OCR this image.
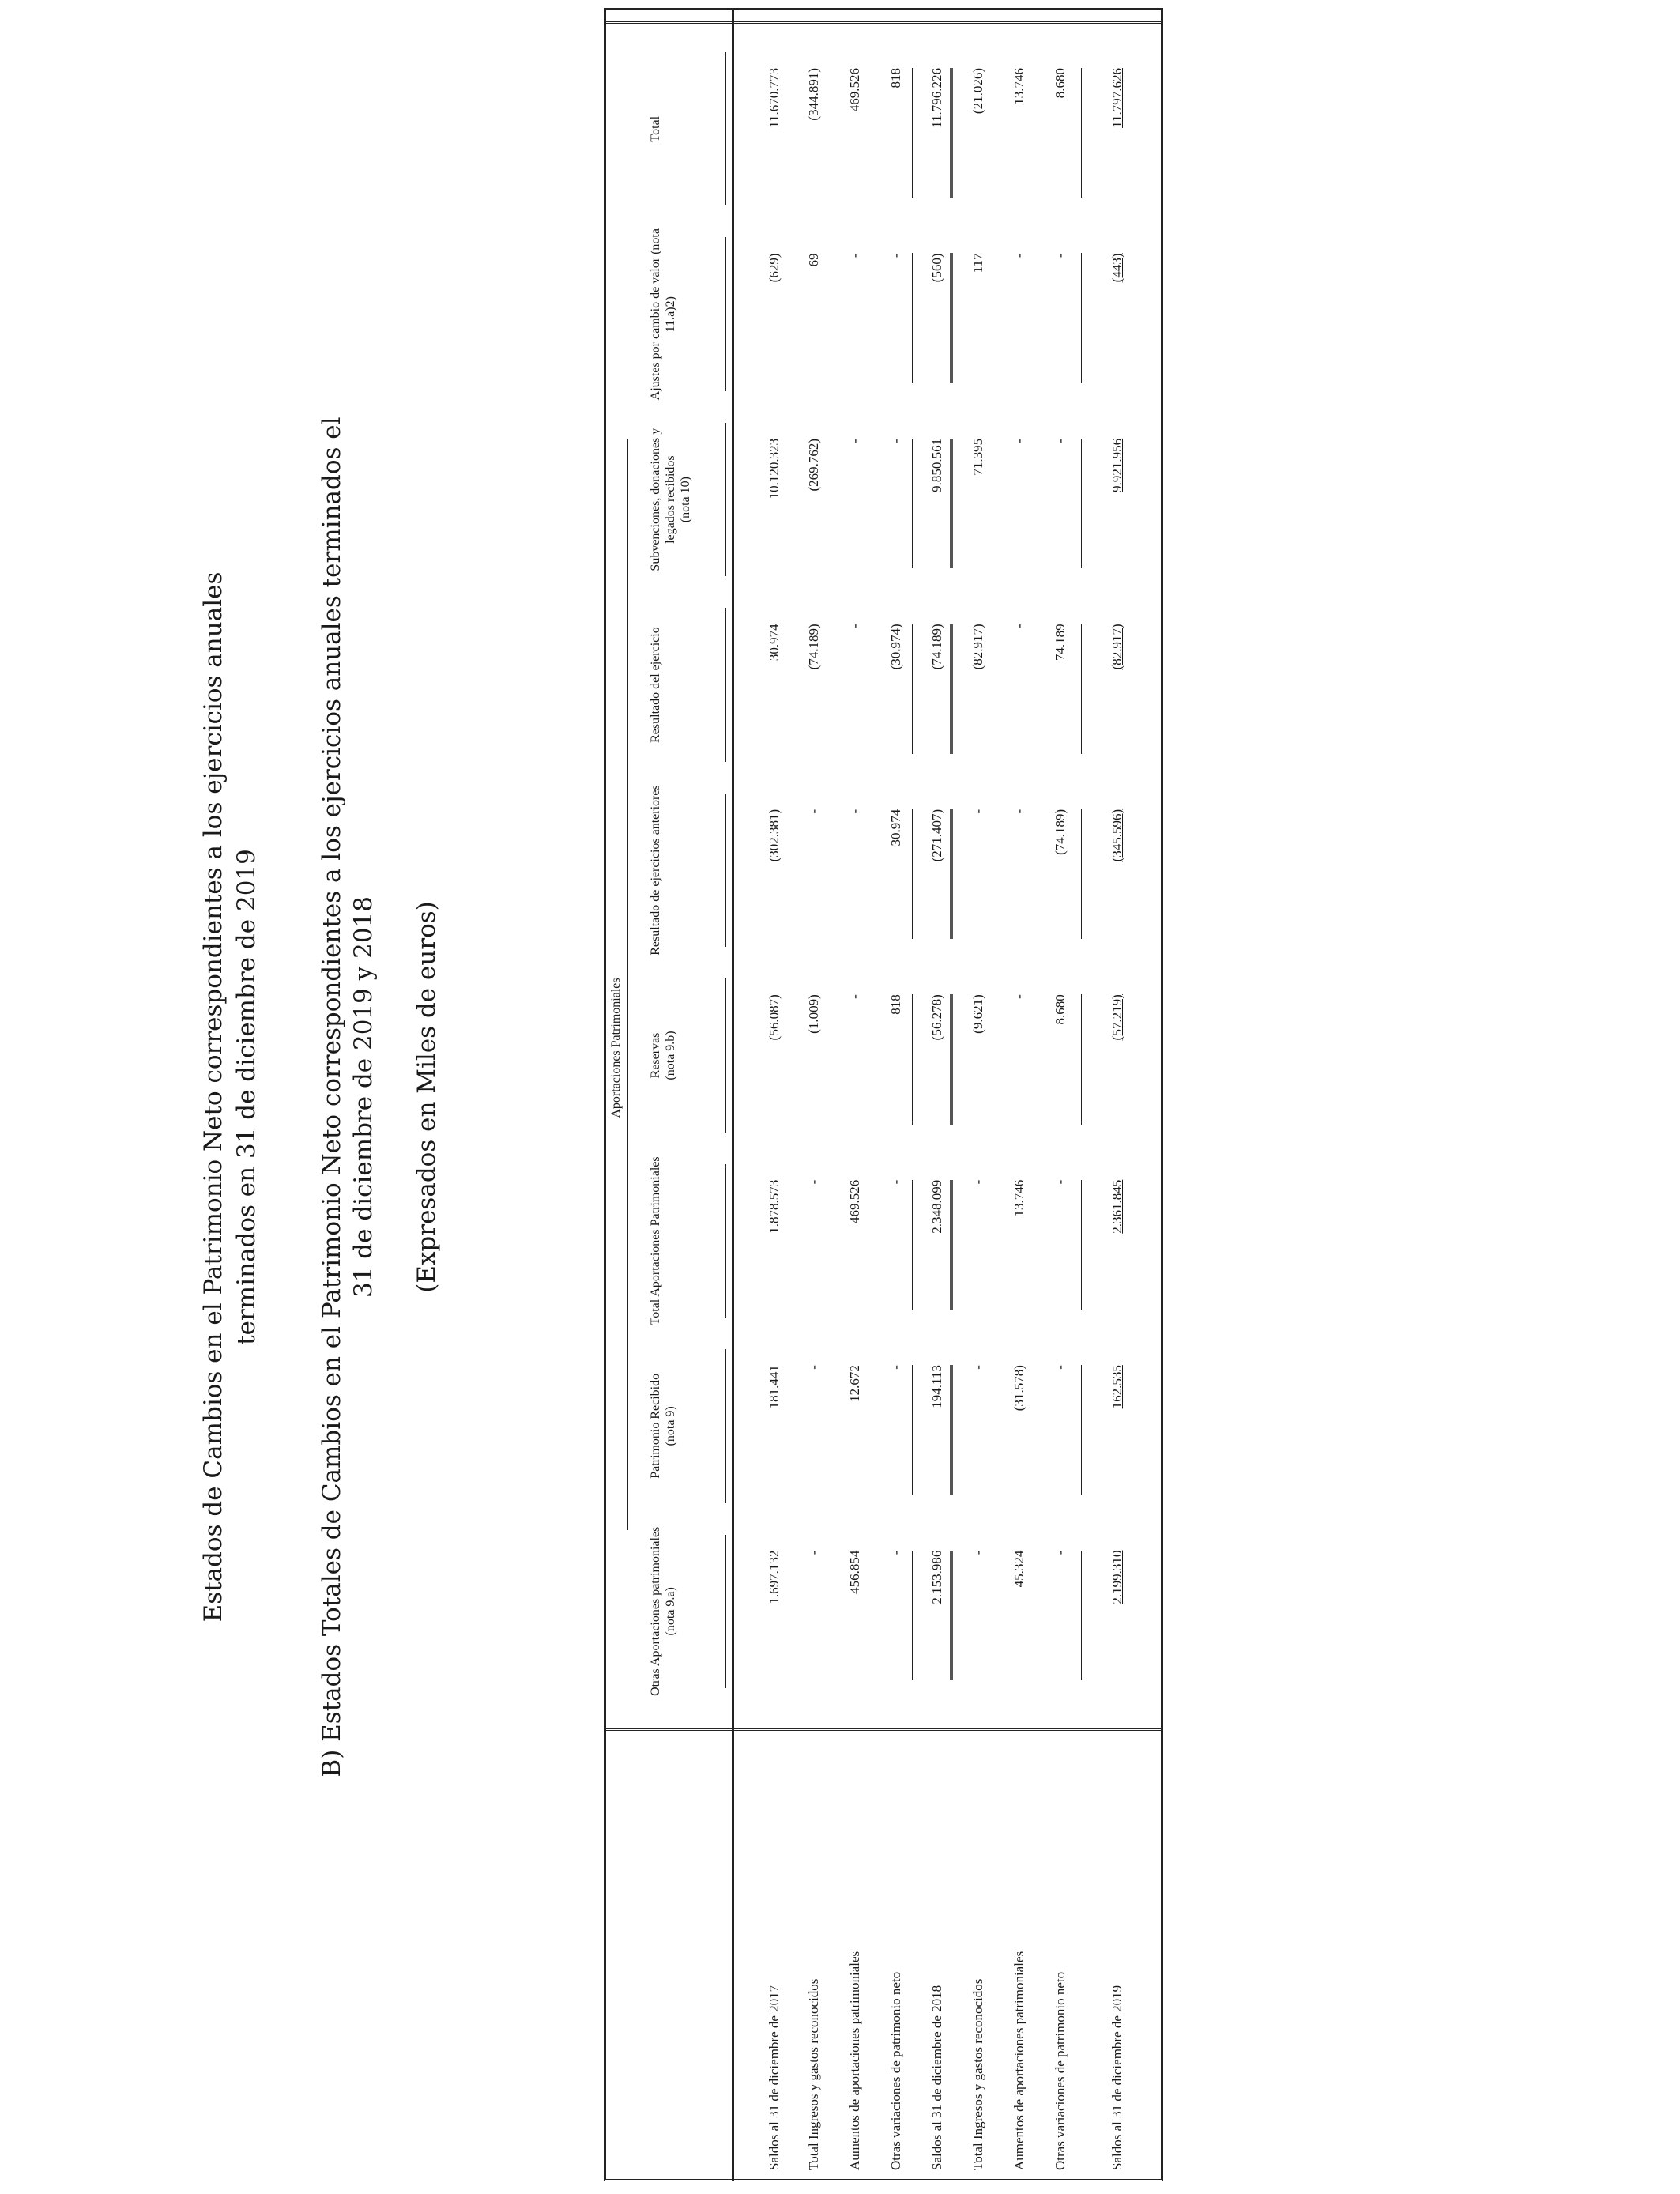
Estados de Cambios en el Patrimonio Neto correspondientes a los ejercicios anuales terminados en 31 de diciembre de 2019 B) Estados Totales de Cambios en el Patrimonio Neto correspondientes a los ejercicios anuales terminados el 31 de diciembre de 2019 y 2018 (Expresados en Miles de euros)	Aportaciones Patrimoniales
Otras Aportaciones patrimoniales (nota 9.a)
Patrimonio Recibido (nota 9)
Total Aportaciones Patrimoniales
Reservas (nota 9.b)
Resultado de ejercicios anteriores
Resultado del ejercicio
Subvenciones, donaciones y legados recibidos (nota 10)
Ajustes por cambio de valor (nota 11.a)2)
Total
Saldos al 31 de diciembre de 2017
1.697.132
181.441
1.878.573
(56.087)
(302.381)
30.974
10.120.323
(629)
11.670.773
Total Ingresos y gastos reconocidos
-
-
-
(1.009)
-
(74.189)
(269.762)
69
(344.891)
Aumentos de aportaciones patrimoniales
456.854
12.672
469.526
-
-
-
-
-
469.526
Otras variaciones de patrimonio neto
-
-
-
818
30.974
(30.974)
-
-
818
Saldos al 31 de diciembre de 2018
2.153.986
194.113
2.348.099
(56.278)
(271.407)
(74.189)
9.850.561
(560)
11.796.226
Total Ingresos y gastos reconocidos
-
-
-
(9.621)
-
(82.917)
71.395
117
(21.026)
Aumentos de aportaciones patrimoniales
45.324
(31.578)
13.746
-
-
-
-
-
13.746
Otras variaciones de patrimonio neto
-
-
-
8.680
(74.189)
74.189
-
-
8.680
Saldos al 31 de diciembre de 2019
2.199.310
162.535
2.361.845
(57.219)
(345.596)
(82.917)
9.921.956
(443)
11.797.626
